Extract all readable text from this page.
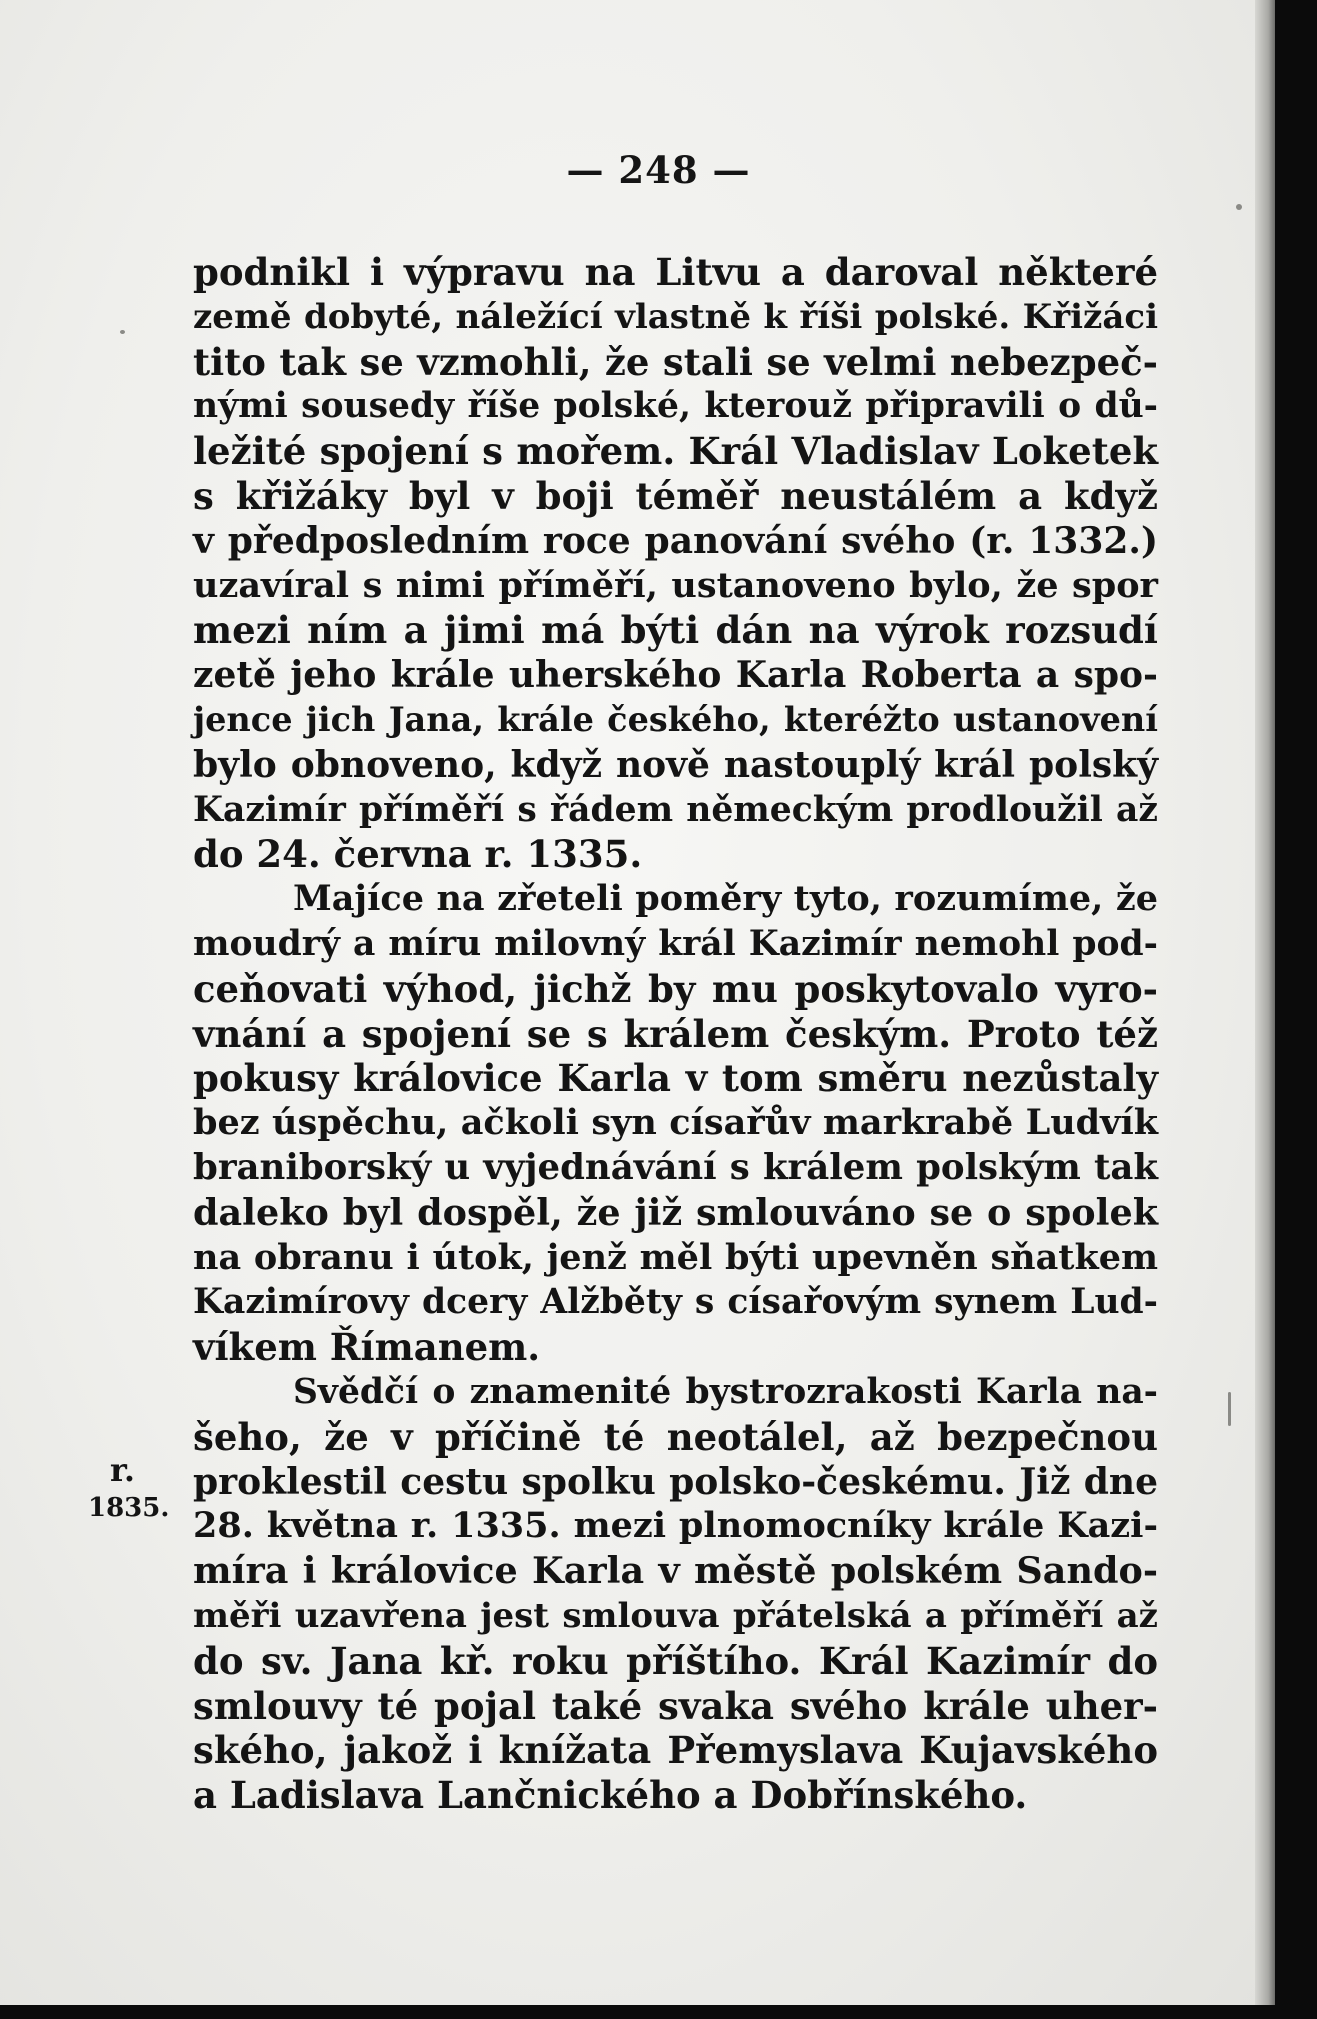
— 248 —
r.
1835.
podnikl i výpravu na Litvu a daroval některé
země dobyté, náležící vlastně k říši polské. Křižáci
tito tak se vzmohli, že stali se velmi nebezpeč-
nými sousedy říše polské, kterouž připravili o dů-
ležité spojení s mořem. Král Vladislav Loketek
s křižáky byl v boji téměř neustálém a když
v předposledním roce panování svého (r. 1332.)
uzavíral s nimi příměří, ustanoveno bylo, že spor
mezi ním a jimi má býti dán na výrok rozsudí
zetě jeho krále uherského Karla Roberta a spo-
jence jich Jana, krále českého, kteréžto ustanovení
bylo obnoveno, když nově nastouplý král polský
Kazimír příměří s řádem německým prodloužil až
do 24. června r. 1335.
Majíce na zřeteli poměry tyto, rozumíme, že
moudrý a míru milovný král Kazimír nemohl pod-
ceňovati výhod, jichž by mu poskytovalo vyro-
vnání a spojení se s králem českým. Proto též
pokusy královice Karla v tom směru nezůstaly
bez úspěchu, ačkoli syn císařův markrabě Ludvík
braniborský u vyjednávání s králem polským tak
daleko byl dospěl, že již smlouváno se o spolek
na obranu i útok, jenž měl býti upevněn sňatkem
Kazimírovy dcery Alžběty s císařovým synem Lud-
víkem Římanem.
Svědčí o znamenité bystrozrakosti Karla na-
šeho, že v příčině té neotálel, až bezpečnou
proklestil cestu spolku polsko-českému. Již dne
28. května r. 1335. mezi plnomocníky krále Kazi-
míra i královice Karla v městě polském Sando-
měři uzavřena jest smlouva přátelská a příměří až
do sv. Jana kř. roku příštího. Král Kazimír do
smlouvy té pojal také svaka svého krále uher-
ského, jakož i knížata Přemyslava Kujavského
a Ladislava Lančnického a Dobřínského.
